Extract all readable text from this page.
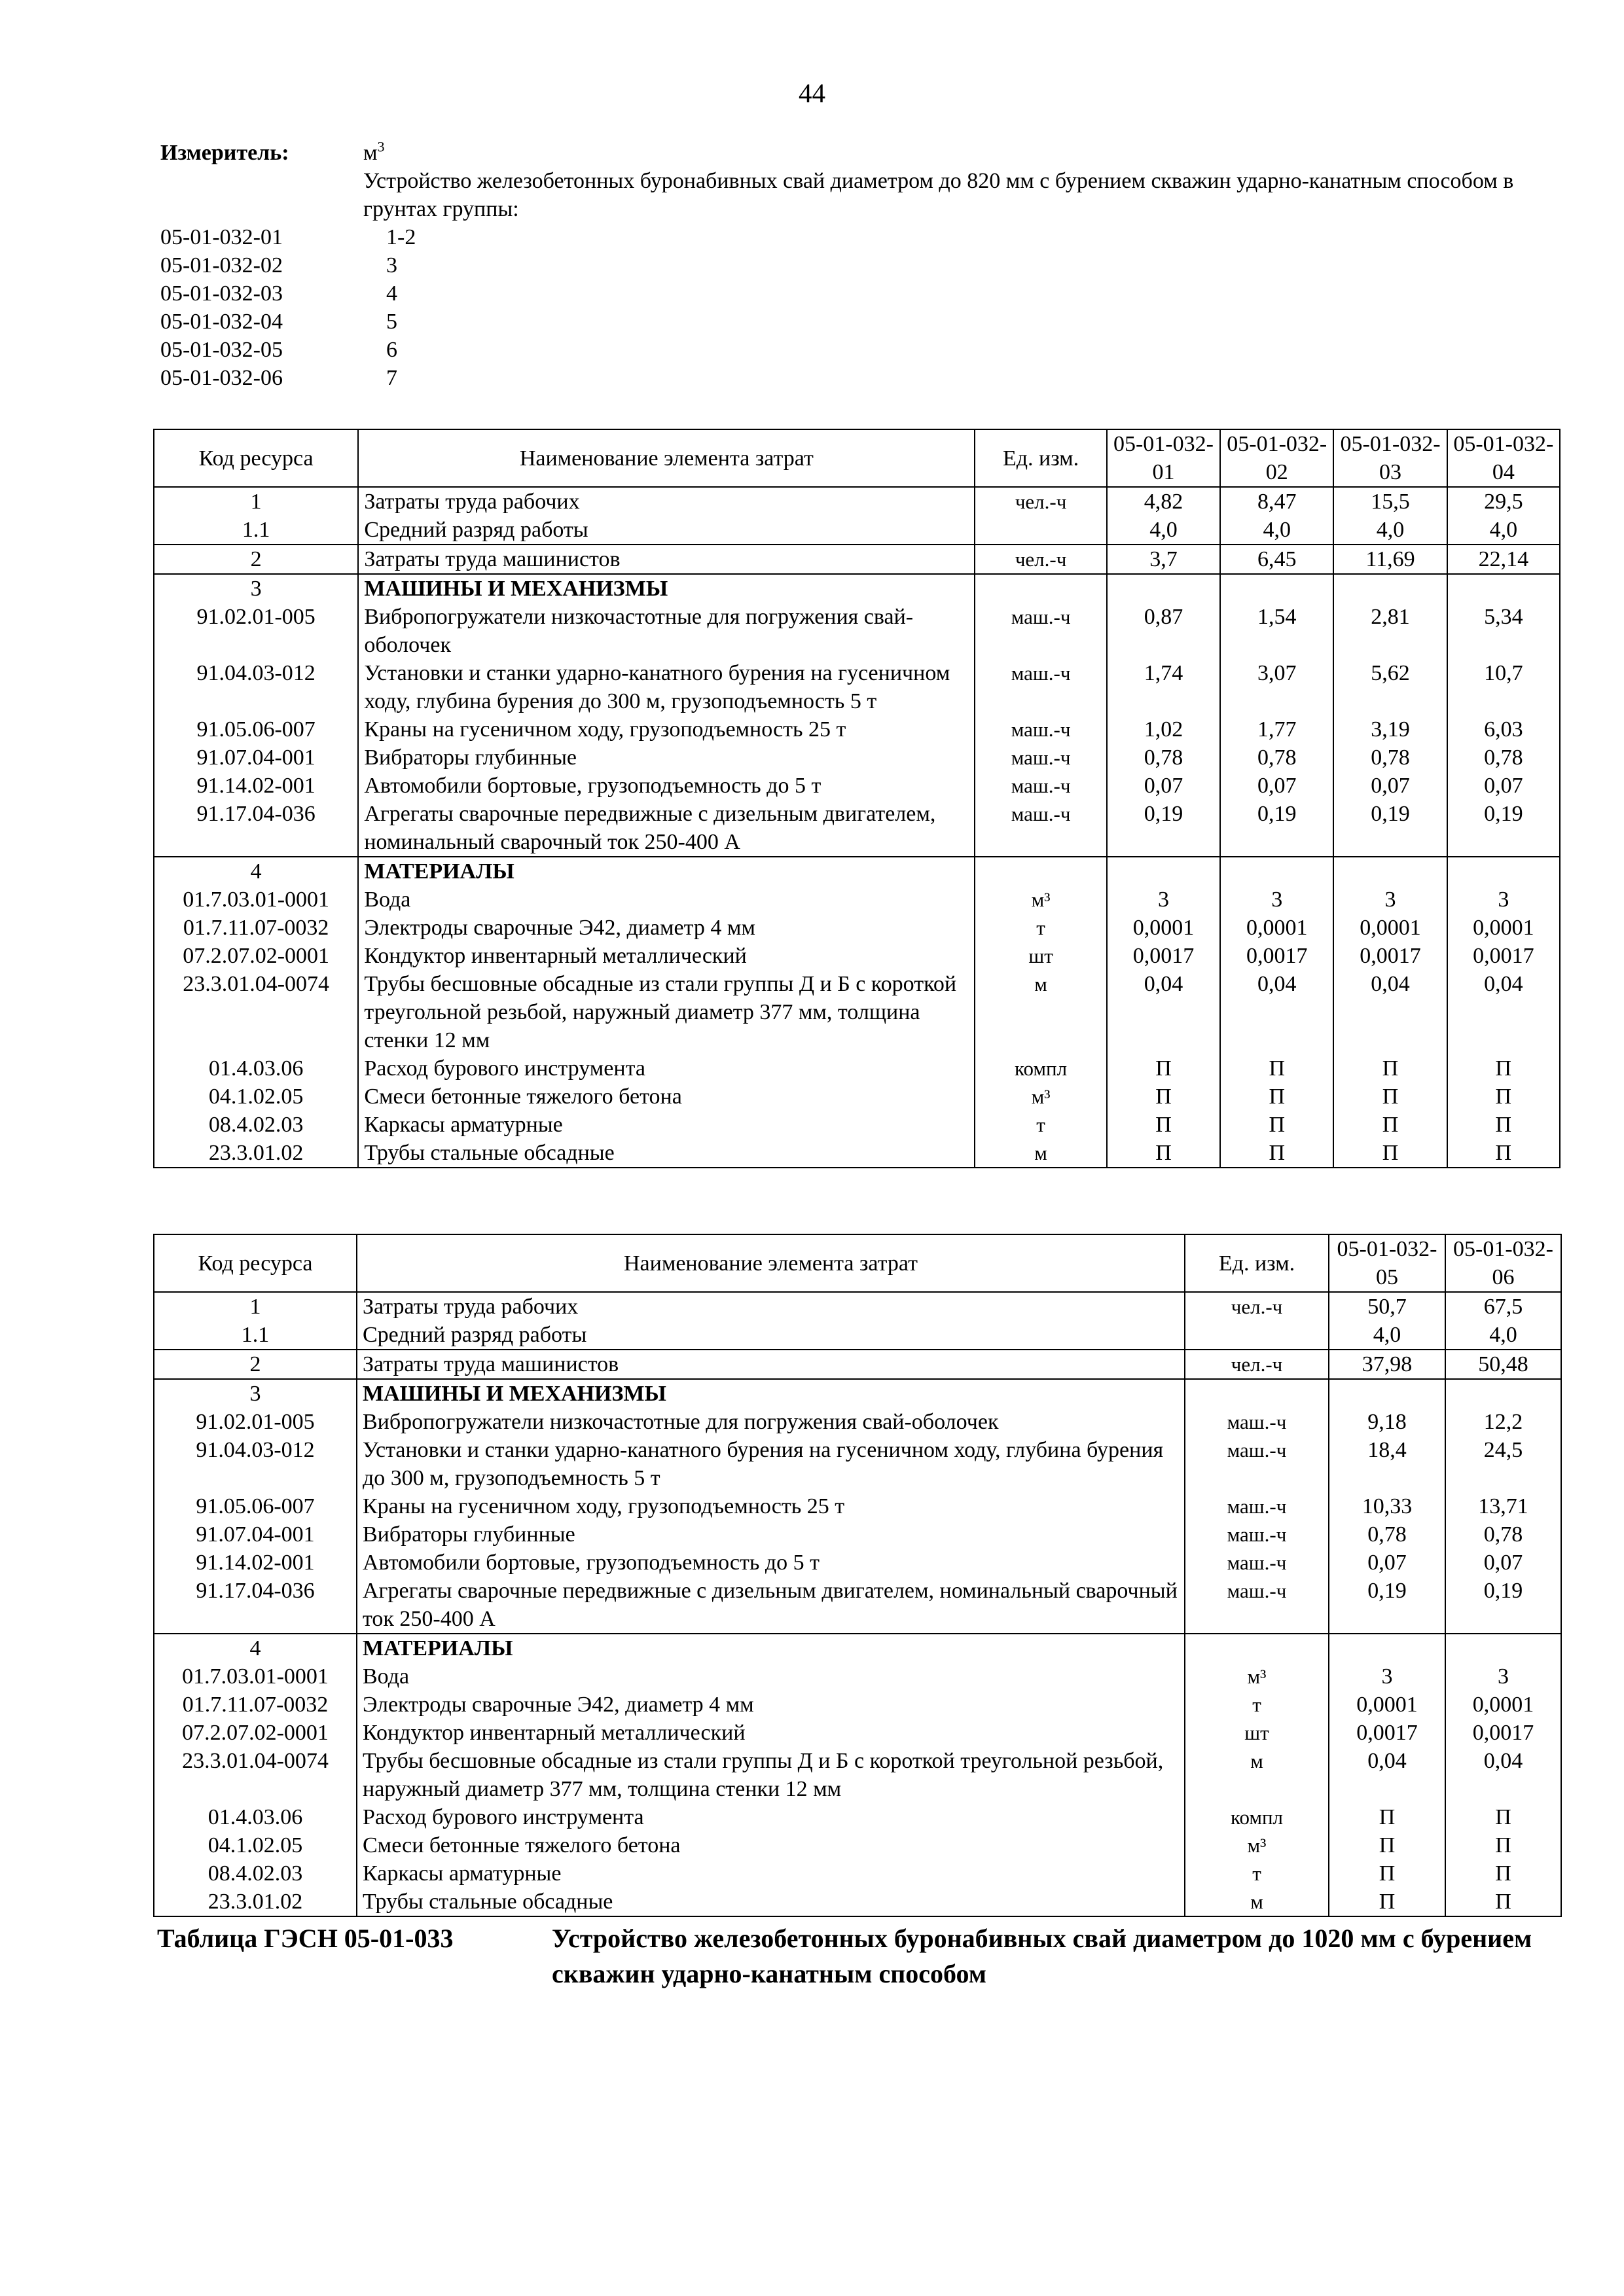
44
Измеритель:	$м^3$
Устройство железобетонных буронабивных свай диаметром до 820 мм с бурением скважин ударно-канатным способом в грунтах группы:
05-01-032-01	1-2
05-01-032-02	3
05-01-032-03	4
05-01-032-04	5
05-01-032-05	6
05-01-032-06	7
Код ресурса	Наименование элемента затрат	Ед. изм.	05-01-032-01	05-01-032-02	05-01-032-03	05-01-032-04
1	Затраты труда рабочих	чел.-ч	4,82	8,47	15,5	29,5
1.1	Средний разряд работы		4,0	4,0	4,0	4,0
2	Затраты труда машинистов	чел.-ч	3,7	6,45	11,69	22,14
3	МАШИНЫ И МЕХАНИЗМЫ					
91.02.01-005	Вибропогружатели низкочастотные для погружения свай-оболочек	маш.-ч	0,87	1,54	2,81	5,34
91.04.03-012	Установки и станки ударно-канатного бурения на гусеничном ходу, глубина бурения до 300 м, грузоподъемность 5 т	маш.-ч	1,74	3,07	5,62	10,7
91.05.06-007	Краны на гусеничном ходу, грузоподъемность 25 т	маш.-ч	1,02	1,77	3,19	6,03
91.07.04-001	Вибраторы глубинные	маш.-ч	0,78	0,78	0,78	0,78
91.14.02-001	Автомобили бортовые, грузоподъемность до 5 т	маш.-ч	0,07	0,07	0,07	0,07
91.17.04-036	Агрегаты сварочные передвижные с дизельным двигателем, номинальный сварочный ток 250-400 А	маш.-ч	0,19	0,19	0,19	0,19
4	МАТЕРИАЛЫ					
01.7.03.01-0001	Вода	м³	3	3	3	3
01.7.11.07-0032	Электроды сварочные Э42, диаметр 4 мм	т	0,0001	0,0001	0,0001	0,0001
07.2.07.02-0001	Кондуктор инвентарный металлический	шт	0,0017	0,0017	0,0017	0,0017
23.3.01.04-0074	Трубы бесшовные обсадные из стали группы Д и Б с короткой треугольной резьбой, наружный диаметр 377 мм, толщина стенки 12 мм	м	0,04	0,04	0,04	0,04
01.4.03.06	Расход бурового инструмента	компл	П	П	П	П
04.1.02.05	Смеси бетонные тяжелого бетона	м³	П	П	П	П
08.4.02.03	Каркасы арматурные	т	П	П	П	П
23.3.01.02	Трубы стальные обсадные	м	П	П	П	П
Код ресурса	Наименование элемента затрат	Ед. изм.	05-01-032-05	05-01-032-06
1	Затраты труда рабочих	чел.-ч	50,7	67,5
1.1	Средний разряд работы		4,0	4,0
2	Затраты труда машинистов	чел.-ч	37,98	50,48
3	МАШИНЫ И МЕХАНИЗМЫ			
91.02.01-005	Вибропогружатели низкочастотные для погружения свай-оболочек	маш.-ч	9,18	12,2
91.04.03-012	Установки и станки ударно-канатного бурения на гусеничном ходу, глубина бурения до 300 м, грузоподъемность 5 т	маш.-ч	18,4	24,5
91.05.06-007	Краны на гусеничном ходу, грузоподъемность 25 т	маш.-ч	10,33	13,71
91.07.04-001	Вибраторы глубинные	маш.-ч	0,78	0,78
91.14.02-001	Автомобили бортовые, грузоподъемность до 5 т	маш.-ч	0,07	0,07
91.17.04-036	Агрегаты сварочные передвижные с дизельным двигателем, номинальный сварочный ток 250-400 А	маш.-ч	0,19	0,19
4	МАТЕРИАЛЫ			
01.7.03.01-0001	Вода	м³	3	3
01.7.11.07-0032	Электроды сварочные Э42, диаметр 4 мм	т	0,0001	0,0001
07.2.07.02-0001	Кондуктор инвентарный металлический	шт	0,0017	0,0017
23.3.01.04-0074	Трубы бесшовные обсадные из стали группы Д и Б с короткой треугольной резьбой, наружный диаметр 377 мм, толщина стенки 12 мм	м	0,04	0,04
01.4.03.06	Расход бурового инструмента	компл	П	П
04.1.02.05	Смеси бетонные тяжелого бетона	м³	П	П
08.4.02.03	Каркасы арматурные	т	П	П
23.3.01.02	Трубы стальные обсадные	м	П	П
Таблица ГЭСН 05-01-033	Устройство железобетонных буронабивных свай диаметром до 1020 мм с бурением скважин ударно-канатным способом
